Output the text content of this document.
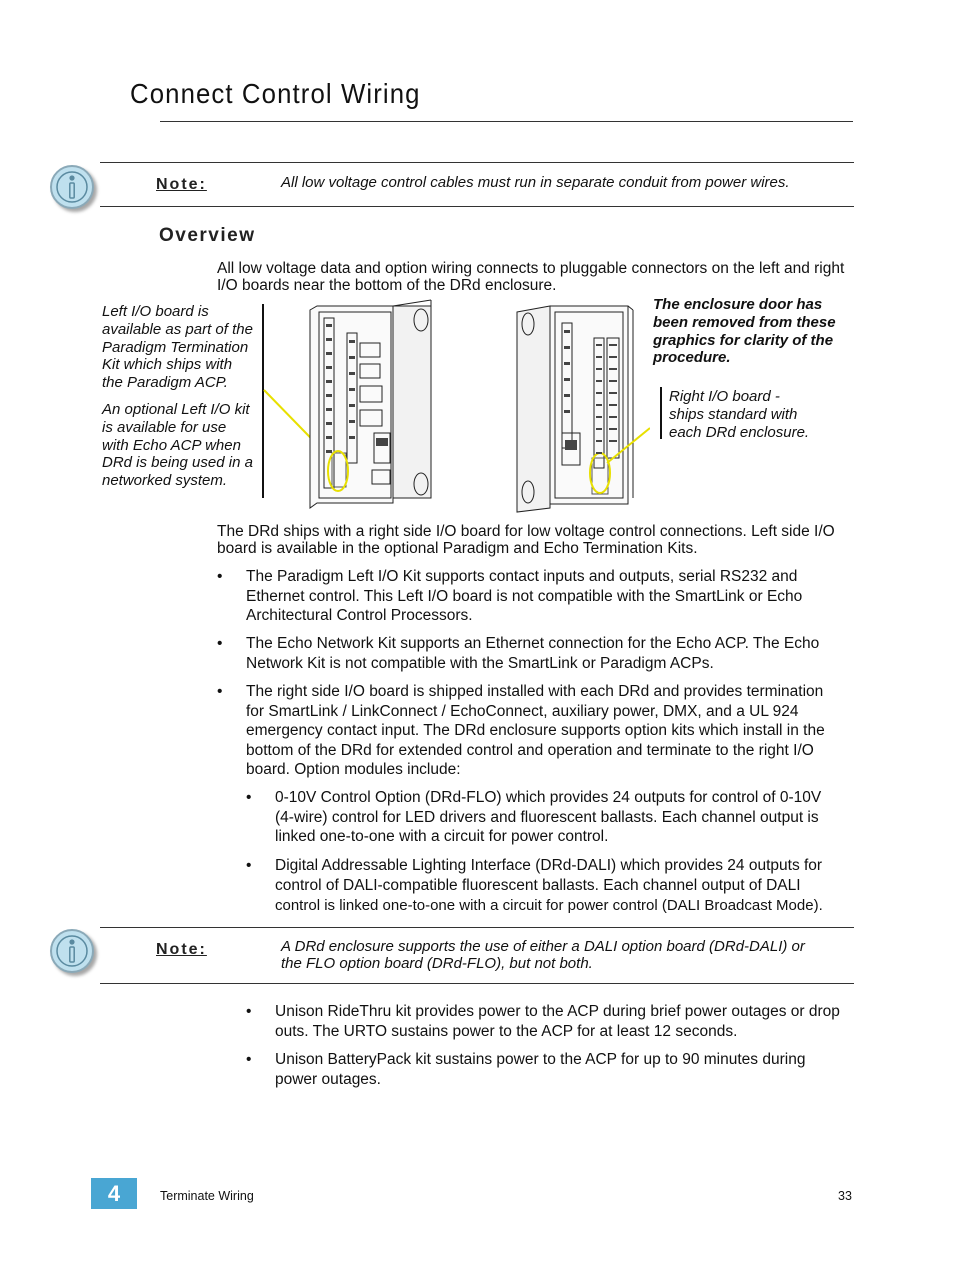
Connect Control Wiring
Note:	All low voltage control cables must run in separate conduit from power wires.
Overview
All low voltage data and option wiring connects to pluggable connectors on the left and right
I/O boards near the bottom of the DRd enclosure.
Left I/O board is
available as part of the
Paradigm Termination
Kit which ships with
the Paradigm ACP.
An optional Left I/O kit
is available for use
with Echo ACP when
DRd is being used in a
networked system.
The enclosure door has
been removed from these
graphics for clarity of the
procedure.
Right I/O board -
ships standard with
each DRd enclosure.
The DRd ships with a right side I/O board for low voltage control connections. Left side I/O
board is available in the optional Paradigm and Echo Termination Kits.
• The Paradigm Left I/O Kit supports contact inputs and outputs, serial RS232 and
Ethernet control. This Left I/O board is not compatible with the SmartLink or Echo
Architectural Control Processors.
• The Echo Network Kit supports an Ethernet connection for the Echo ACP. The Echo
Network Kit is not compatible with the SmartLink or Paradigm ACPs.
• The right side I/O board is shipped installed with each DRd and provides termination
for SmartLink / LinkConnect / EchoConnect, auxiliary power, DMX, and a UL 924
emergency contact input. The DRd enclosure supports option kits which install in the
bottom of the DRd for extended control and operation and terminate to the right I/O
board. Option modules include:
• 0-10V Control Option (DRd-FLO) which provides 24 outputs for control of 0-10V
(4-wire) control for LED drivers and fluorescent ballasts. Each channel output is
linked one-to-one with a circuit for power control.
• Digital Addressable Lighting Interface (DRd-DALI) which provides 24 outputs for
control of DALI-compatible fluorescent ballasts. Each channel output of DALI
control is linked one-to-one with a circuit for power control (DALI Broadcast Mode).
Note:	A DRd enclosure supports the use of either a DALI option board (DRd-DALI) or
the FLO option board (DRd-FLO), but not both.
• Unison RideThru kit provides power to the ACP during brief power outages or drop
outs. The URTO sustains power to the ACP for at least 12 seconds.
• Unison BatteryPack kit sustains power to the ACP for up to 90 minutes during
power outages.
4	Terminate Wiring	33
